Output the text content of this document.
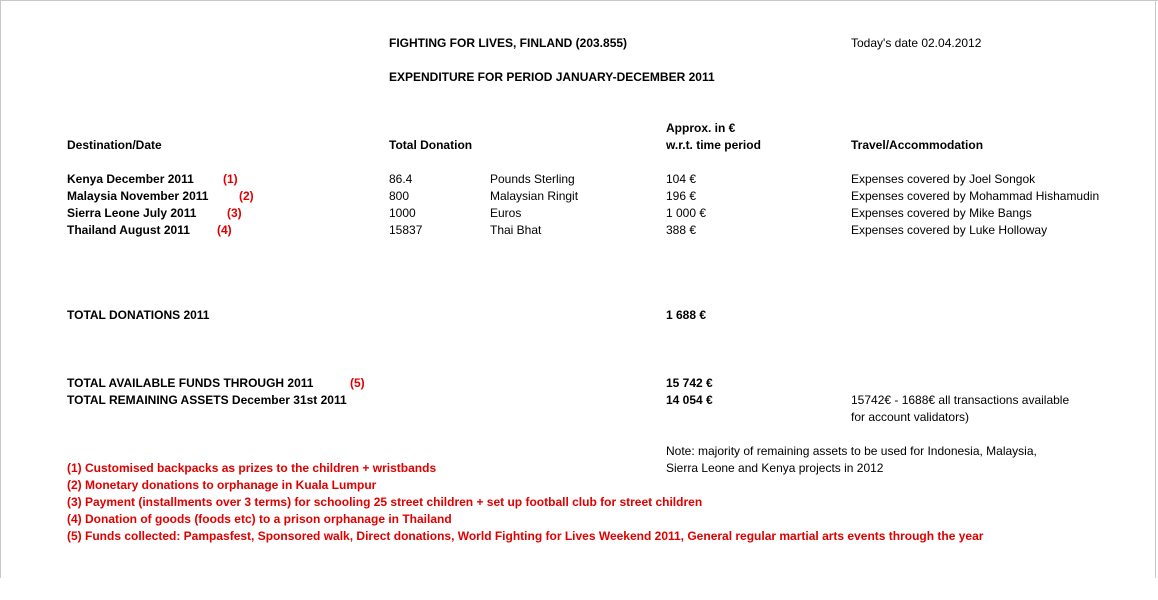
FIGHTING FOR LIVES, FINLAND (203.855)	Today's date 02.04.2012
EXPENDITURE FOR PERIOD JANUARY-DECEMBER 2011
Destination/Date	Total Donation
Approx. in €
w.r.t. time period	Travel/Accommodation
Kenya December 2011 (1)	86.4	Pounds Sterling	104 €	Expenses covered by Joel Songok
Malaysia November 2011	(2)	800	Malaysian Ringit	196 €	Expenses covered by Mohammad Hishamudin
Sierra Leone July 2011	(3)	1000	Euros	1 000 €	Expenses covered by Mike Bangs
Thailand August 2011 (4)	15837	Thai Bhat	388 €	Expenses covered by Luke Holloway
TOTAL DONATIONS 2011	1 688 €
TOTAL AVAILABLE FUNDS THROUGH 2011	(5)	15 742 €
TOTAL REMAINING ASSETS December 31st 2011	14 054 €	15742€ - 1688€ all transactions available
for account validators)
Note: majority of remaining assets to be used for Indonesia, Malaysia,
Sierra Leone and Kenya projects in 2012
(1) Customised backpacks as prizes to the children + wristbands
(2) Monetary donations to orphanage in Kuala Lumpur
(3) Payment (installments over 3 terms) for schooling 25 street children + set up football club for street children
(4) Donation of goods (foods etc) to a prison orphanage in Thailand
(5) Funds collected: Pampasfest, Sponsored walk, Direct donations, World Fighting for Lives Weekend 2011, General regular martial arts events through the year
